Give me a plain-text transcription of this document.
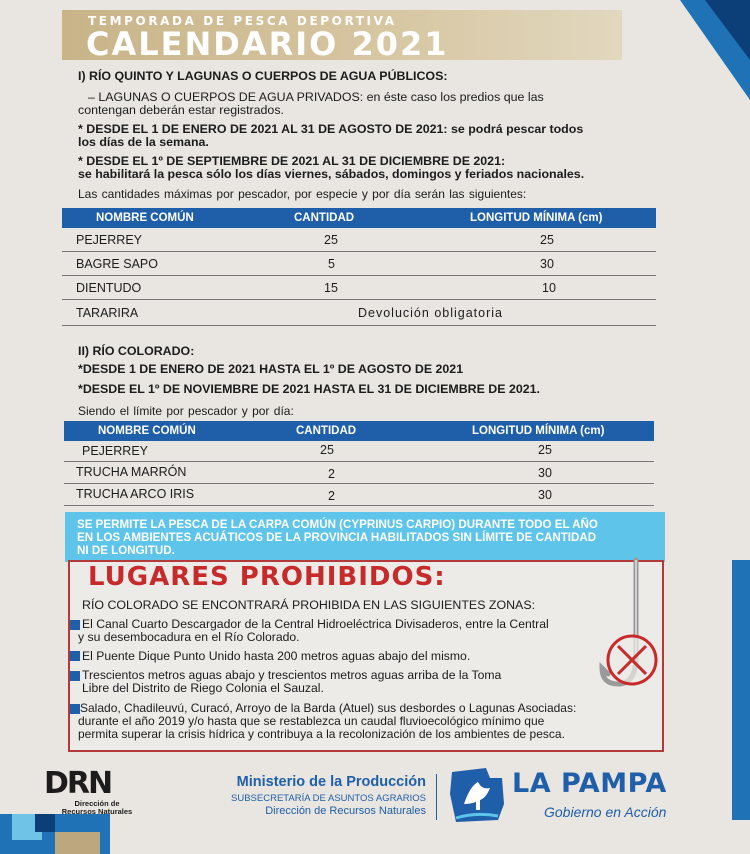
TEMPORADA DE PESCA DEPORTIVA
CALENDARIO 2021
I) RÍO QUINTO Y LAGUNAS O CUERPOS DE AGUA PÚBLICOS:
– LAGUNAS O CUERPOS DE AGUA PRIVADOS: en éste caso los predios que las
contengan deberán estar registrados.
* DESDE EL 1 DE ENERO DE 2021 AL 31 DE AGOSTO DE 2021: se podrá pescar todos
los días de la semana.
* DESDE EL 1º DE SEPTIEMBRE DE 2021 AL 31 DE DICIEMBRE DE 2021:
se habilitará la pesca sólo los días viernes, sábados, domingos y feriados nacionales.
Las cantidades máximas por pescador, por especie y por día serán las siguientes:
NOMBRE COMÚN	CANTIDAD	LONGITUD MÍNIMA (cm)
PEJERREY	25	25
BAGRE SAPO	5	30
DIENTUDO	15	10
TARARIRA	Devolución obligatoria
II) RÍO COLORADO:
*DESDE 1 DE ENERO DE 2021 HASTA EL 1º DE AGOSTO DE 2021
*DESDE EL 1º DE NOVIEMBRE DE 2021 HASTA EL 31 DE DICIEMBRE DE 2021.
Siendo el límite por pescador y por día:
NOMBRE COMÚN	CANTIDAD	LONGITUD MÍNIMA (cm)
PEJERREY	25	25
TRUCHA MARRÓN	2	30
TRUCHA ARCO IRIS	2	30
SE PERMITE LA PESCA DE LA CARPA COMÚN (CYPRINUS CARPIO) DURANTE TODO EL AÑO
EN LOS AMBIENTES ACUÁTICOS DE LA PROVINCIA HABILITADOS SIN LÍMITE DE CANTIDAD
NI DE LONGITUD.
LUGARES PROHIBIDOS:
RÍO COLORADO SE ENCONTRARÁ PROHIBIDA EN LAS SIGUIENTES ZONAS:
El Canal Cuarto Descargador de la Central Hidroeléctrica Divisaderos, entre la Central
y su desembocadura en el Río Colorado.
El Puente Dique Punto Unido hasta 200 metros aguas abajo del mismo.
Trescientos metros aguas abajo y trescientos metros aguas arriba de la Toma
Libre del Distrito de Riego Colonia el Sauzal.
Salado, Chadileuvú, Curacó, Arroyo de la Barda (Atuel) sus desbordes o Lagunas Asociadas:
durante el año 2019 y/o hasta que se restablezca un caudal fluvioecológico mínimo que
permita superar la crisis hídrica y contribuya a la recolonización de los ambientes de pesca.
DRN
Dirección de
Recursos Naturales
Ministerio de la Producción
SUBSECRETARÍA DE ASUNTOS AGRARIOS
Dirección de Recursos Naturales
LA PAMPA
Gobierno en Acción
